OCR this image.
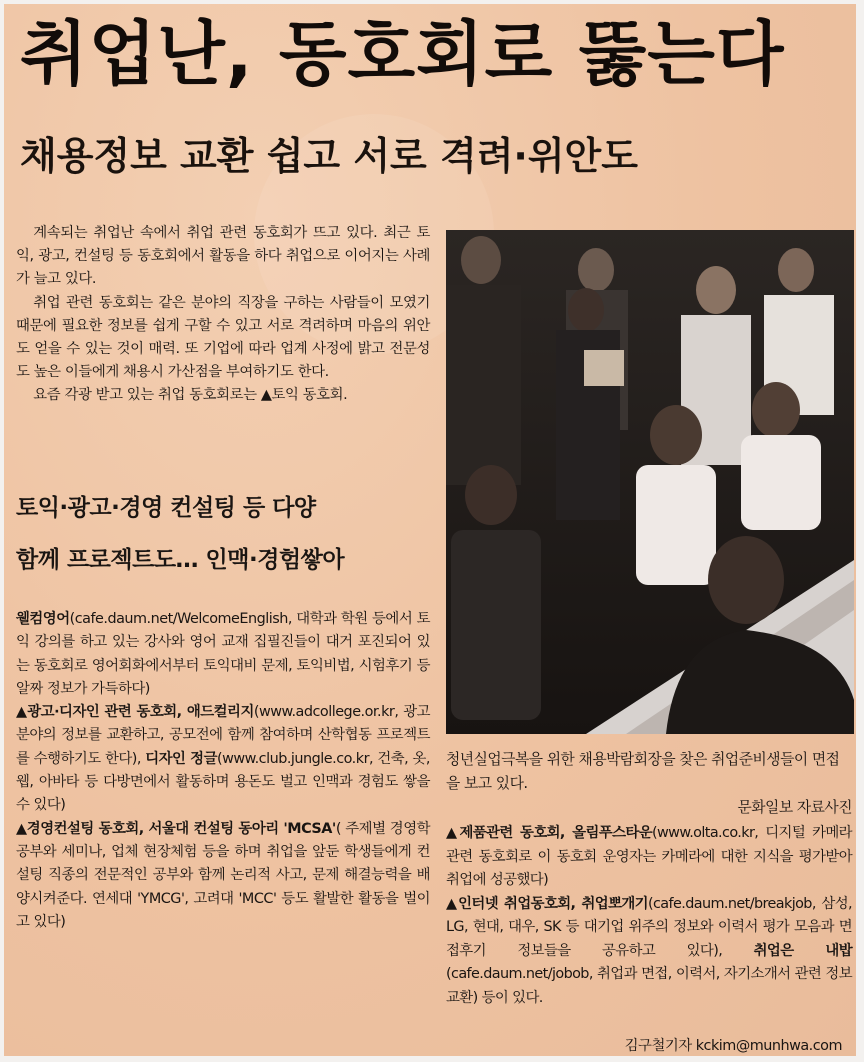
취업난, 동호회로 뚫는다
채용정보 교환 쉽고 서로 격려·위안도

계속되는 취업난 속에서 취업 관련 동호회가 뜨고 있다. 최근 토익, 광고, 컨설팅 등 동호회에서 활동을 하다 취업으로 이어지는 사례가 늘고 있다.

취업 관련 동호회는 같은 분야의 직장을 구하는 사람들이 모였기 때문에 필요한 정보를 쉽게 구할 수 있고 서로 격려하며 마음의 위안도 얻을 수 있는 것이 매력. 또 기업에 따라 업계 사정에 밝고 전문성도 높은 이들에게 채용시 가산점을 부여하기도 한다.

요즘 각광 받고 있는 취업 동호회로는 ▲토익 동호회.

토익·광고·경영 컨설팅 등 다양
함께 프로젝트도… 인맥·경험쌓아

웰컴영어(cafe.daum.net/WelcomeEnglish, 대학과 학원 등에서 토익 강의를 하고 있는 강사와 영어 교재 집필진들이 대거 포진되어 있는 동호회로 영어회화에서부터 토익대비 문제, 토익비법, 시험후기 등 알짜 정보가 가득하다)

▲광고·디자인 관련 동호회, 애드컬리지(www.adcollege.or.kr, 광고 분야의 정보를 교환하고, 공모전에 함께 참여하며 산학협동 프로젝트를 수행하기도 한다), 디자인 정글(www.club.jungle.co.kr, 건축, 옷, 웹, 아바타 등 다방면에서 활동하며 용돈도 벌고 인맥과 경험도 쌓을 수 있다)

▲경영컨설팅 동호회, 서울대 컨설팅 동아리 'MCSA'( 주제별 경영학 공부와 세미나, 업체 현장체험 등을 하며 취업을 앞둔 학생들에게 컨설팅 직종의 전문적인 공부와 함께 논리적 사고, 문제 해결능력을 배양시켜준다. 연세대 'YMCG', 고려대 'MCC' 등도 활발한 활동을 벌이고 있다)

청년실업극복을 위한 채용박람회장을 찾은 취업준비생들이 면접을 보고 있다.
문화일보 자료사진

▲제품관련 동호회, 올림푸스타운(www.olta.co.kr, 디지털 카메라 관련 동호회로 이 동호회 운영자는 카메라에 대한 지식을 평가받아 취업에 성공했다)

▲인터넷 취업동호회, 취업뽀개기(cafe.daum.net/breakjob, 삼성, LG, 현대, 대우, SK 등 대기업 위주의 정보와 이력서 평가 모음과 면접후기 정보들을 공유하고 있다), 취업은 내밥(cafe.daum.net/jobob, 취업과 면접, 이력서, 자기소개서 관련 정보 교환) 등이 있다.

김구철기자 kckim@munhwa.com
